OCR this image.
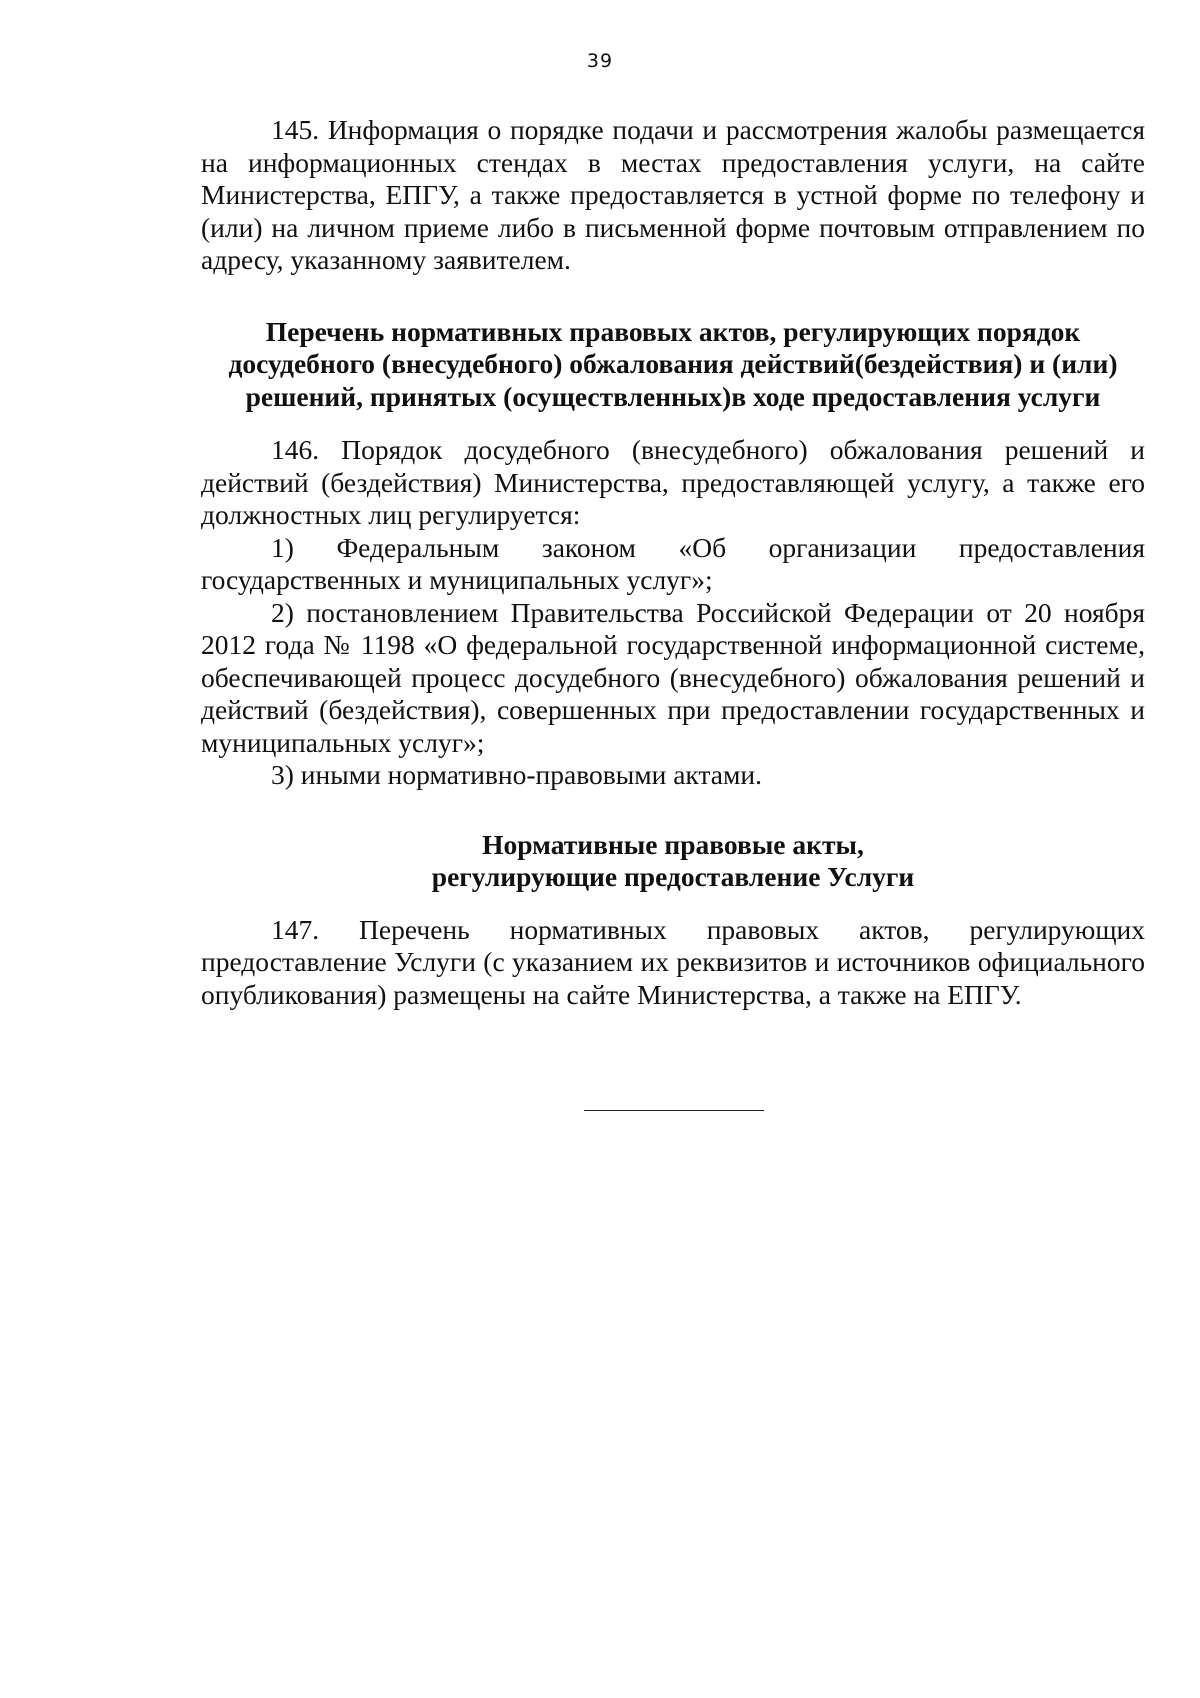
39

145. Информация о порядке подачи и рассмотрения жалобы размещается на информационных стендах в местах предоставления услуги, на сайте Министерства, ЕПГУ, а также предоставляется в устной форме по телефону и (или) на личном приеме либо в письменной форме почтовым отправлением по адресу, указанному заявителем.

Перечень нормативных правовых актов, регулирующих порядок досудебного (внесудебного) обжалования действий(бездействия) и (или) решений, принятых (осуществленных)в ходе предоставления услуги

146. Порядок досудебного (внесудебного) обжалования решений и действий (бездействия) Министерства, предоставляющей услугу, а также его должностных лиц регулируется:

1) Федеральным законом «Об организации предоставления государственных и муниципальных услуг»;

2) постановлением Правительства Российской Федерации от 20 ноября 2012 года № 1198 «О федеральной государственной информационной системе, обеспечивающей процесс досудебного (внесудебного) обжалования решений и действий (бездействия), совершенных при предоставлении государственных и муниципальных услуг»;

3) иными нормативно-правовыми актами.

Нормативные правовые акты,
регулирующие предоставление Услуги

147. Перечень нормативных правовых актов, регулирующих предоставление Услуги (с указанием их реквизитов и источников официального опубликования) размещены на сайте Министерства, а также на ЕПГУ.
